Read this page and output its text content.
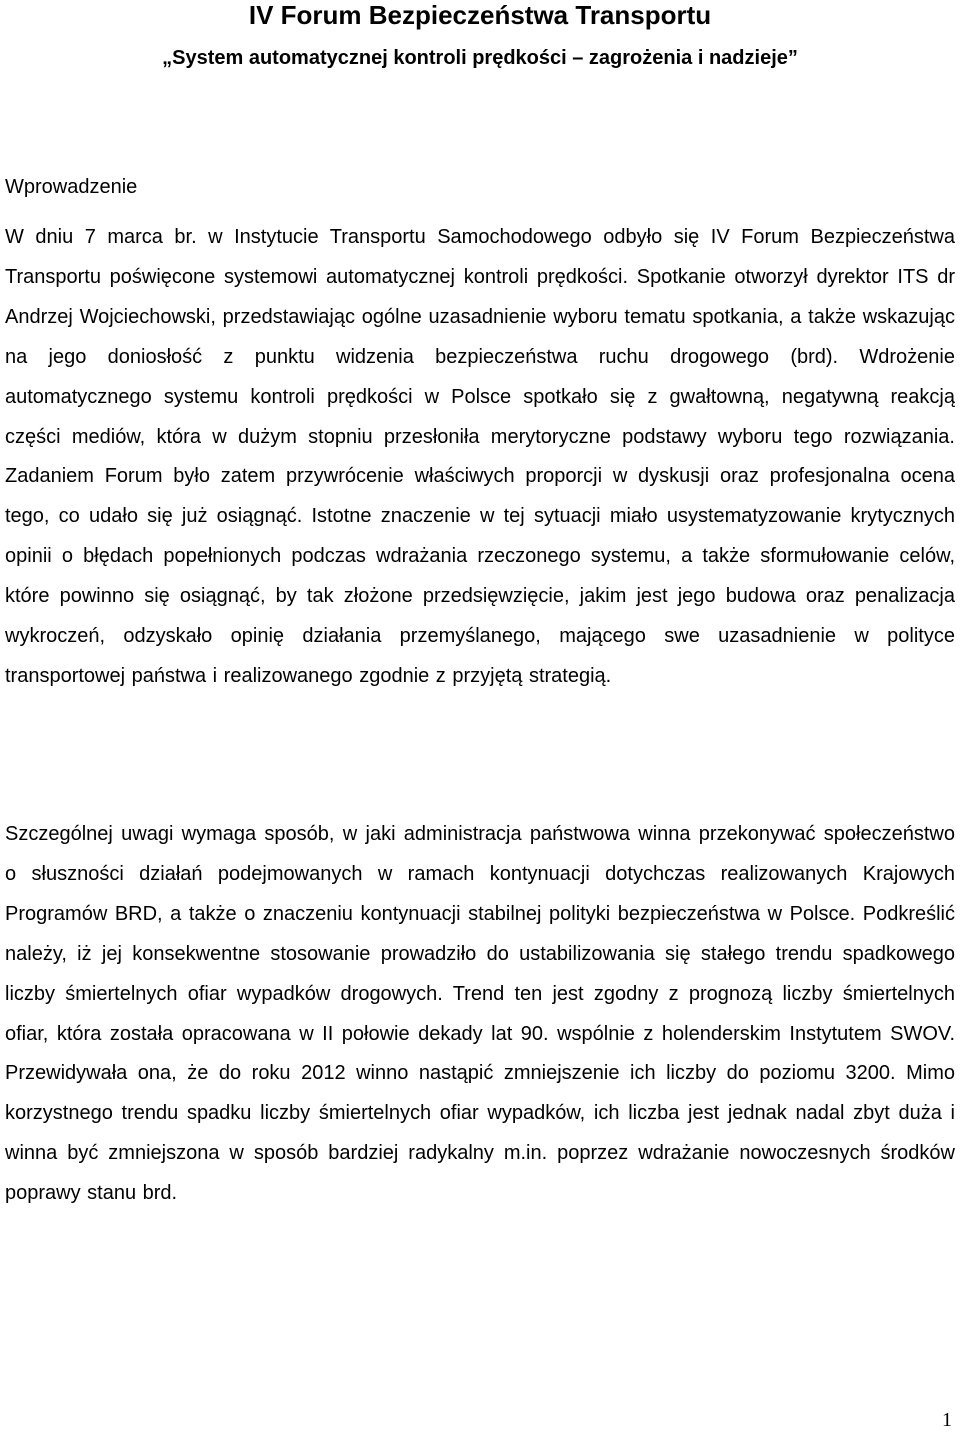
IV Forum Bezpieczeństwa Transportu
„System automatycznej kontroli prędkości – zagrożenia i nadzieje”
Wprowadzenie

W dniu 7 marca br. w Instytucie Transportu Samochodowego odbyło się IV Forum Bezpieczeństwa Transportu poświęcone systemowi automatycznej kontroli prędkości. Spotkanie otworzył dyrektor ITS dr Andrzej Wojciechowski, przedstawiając ogólne uzasadnienie wyboru tematu spotkania, a także wskazując na jego doniosłość z punktu widzenia bezpieczeństwa ruchu drogowego (brd). Wdrożenie automatycznego systemu kontroli prędkości w Polsce spotkało się z gwałtowną, negatywną reakcją części mediów, która w dużym stopniu przesłoniła merytoryczne podstawy wyboru tego rozwiązania. Zadaniem Forum było zatem przywrócenie właściwych proporcji w dyskusji oraz profesjonalna ocena tego, co udało się już osiągnąć. Istotne znaczenie w tej sytuacji miało usystematyzowanie krytycznych opinii o błędach popełnionych podczas wdrażania rzeczonego systemu, a także sformułowanie celów, które powinno się osiągnąć, by tak złożone przedsięwzięcie, jakim jest jego budowa oraz penalizacja wykroczeń, odzyskało opinię działania przemyślanego, mającego swe uzasadnienie w polityce transportowej państwa i realizowanego zgodnie z przyjętą strategią.

Szczególnej uwagi wymaga sposób, w jaki administracja państwowa winna przekonywać społeczeństwo o słuszności działań podejmowanych w ramach kontynuacji dotychczas realizowanych Krajowych Programów BRD, a także o znaczeniu kontynuacji stabilnej polityki bezpieczeństwa w Polsce. Podkreślić należy, iż jej konsekwentne stosowanie prowadziło do ustabilizowania się stałego trendu spadkowego liczby śmiertelnych ofiar wypadków drogowych. Trend ten jest zgodny z prognozą liczby śmiertelnych ofiar, która została opracowana w II połowie dekady lat 90. wspólnie z holenderskim Instytutem SWOV. Przewidywała ona, że do roku 2012 winno nastąpić zmniejszenie ich liczby do poziomu 3200. Mimo korzystnego trendu spadku liczby śmiertelnych ofiar wypadków, ich liczba jest jednak nadal zbyt duża i winna być zmniejszona w sposób bardziej radykalny m.in. poprzez wdrażanie nowoczesnych środków poprawy stanu brd.

1
